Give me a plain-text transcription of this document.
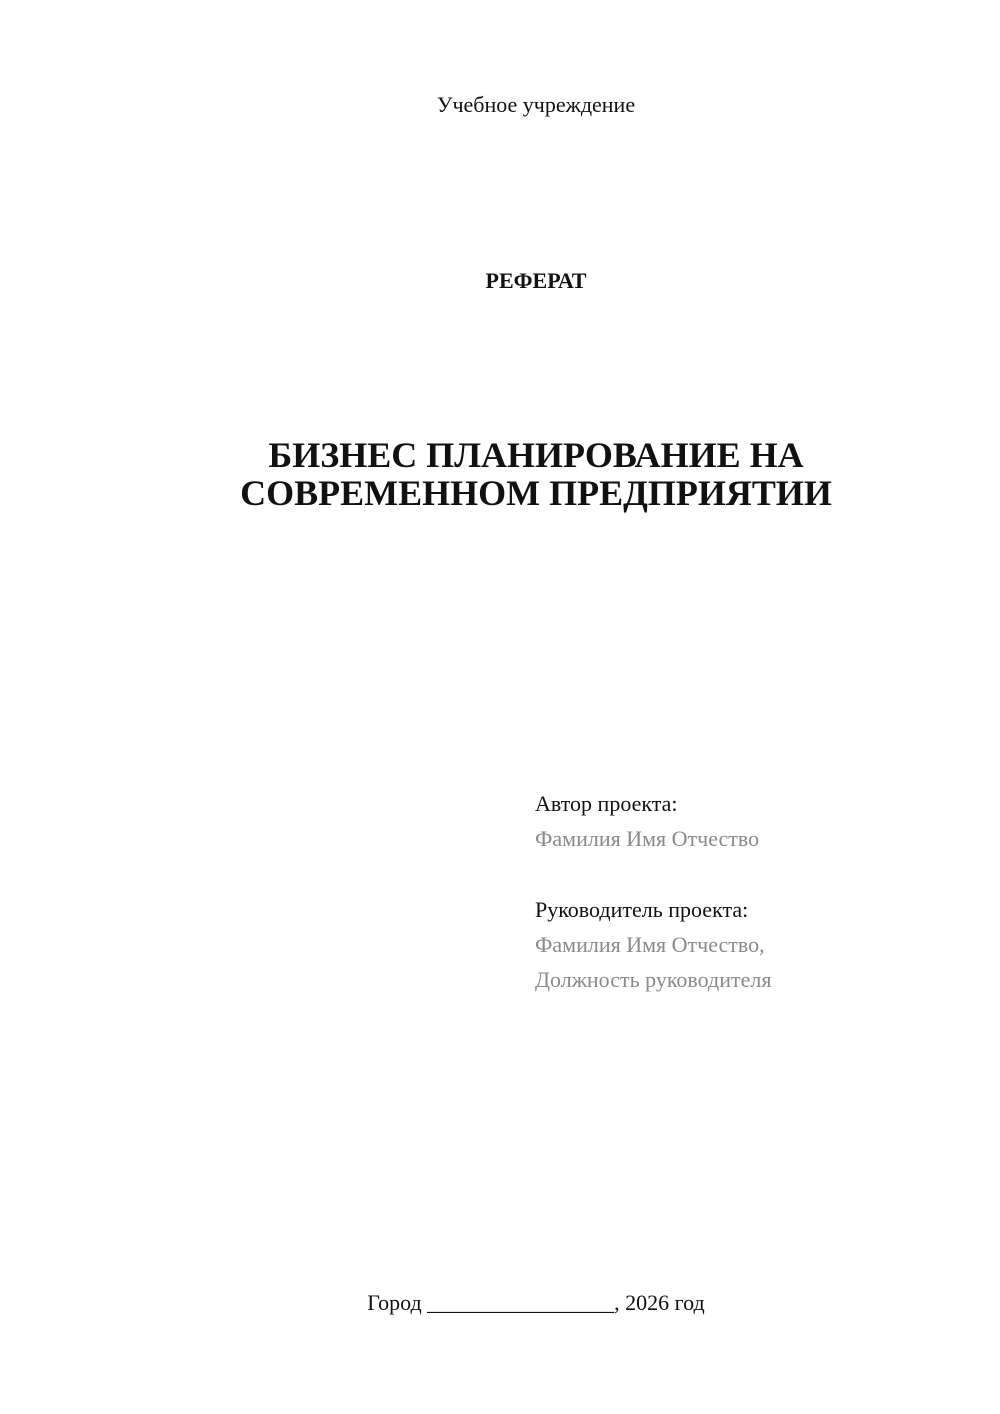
Учебное учреждение
РЕФЕРАТ
БИЗНЕС ПЛАНИРОВАНИЕ НА
СОВРЕМЕННОМ ПРЕДПРИЯТИИ
Автор проекта:
Фамилия Имя Отчество
Руководитель проекта:
Фамилия Имя Отчество,
Должность руководителя
Город _________________, 2026 год
